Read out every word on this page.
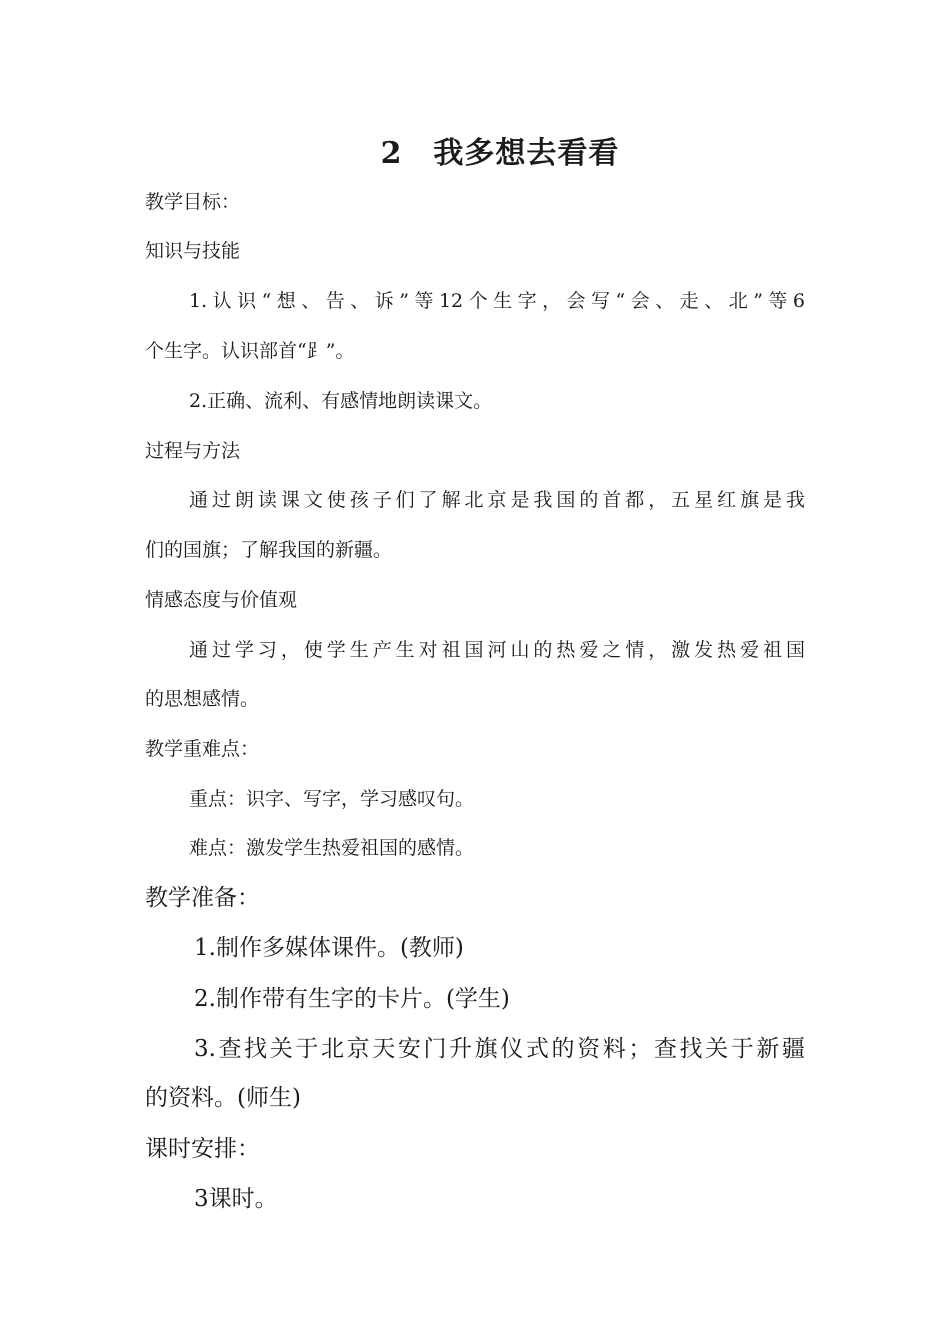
2　我多想去看看
教学目标：
知识与技能
1.认识“想、告、诉”等12个生字，会写“会、走、北”等6
个生字。认识部首“⻊”。
2.正确、流利、有感情地朗读课文。
过程与方法
通过朗读课文使孩子们了解北京是我国的首都，五星红旗是我
们的国旗；了解我国的新疆。
情感态度与价值观
通过学习，使学生产生对祖国河山的热爱之情，激发热爱祖国
的思想感情。
教学重难点：
重点：识字、写字，学习感叹句。
难点：激发学生热爱祖国的感情。
教学准备：
1.制作多媒体课件。(教师)
2.制作带有生字的卡片。(学生)
3.查找关于北京天安门升旗仪式的资料；查找关于新疆
的资料。(师生)
课时安排：
3课时。
